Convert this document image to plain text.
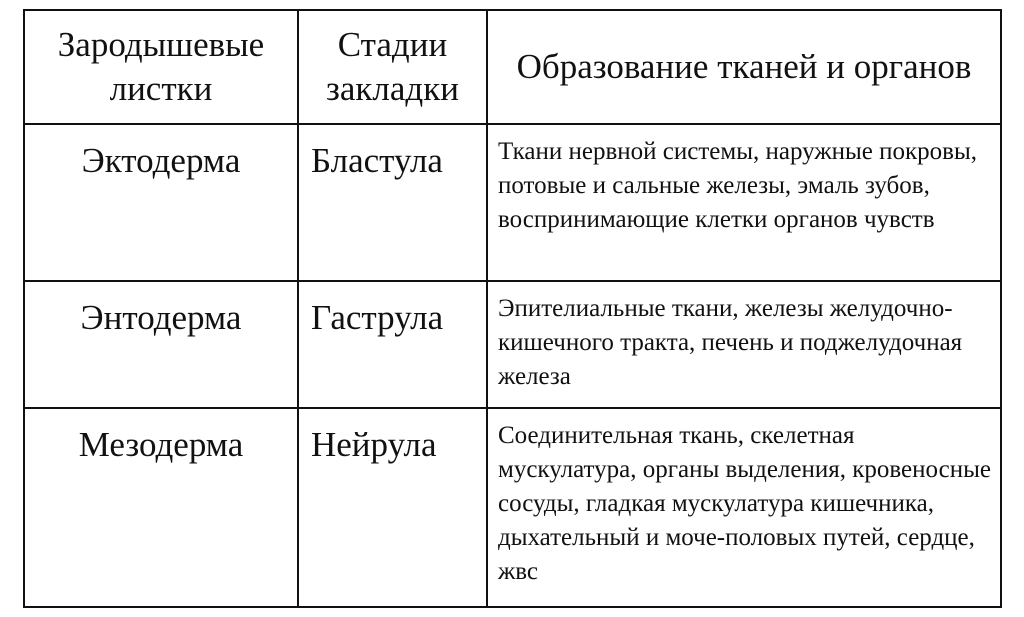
Зародышевые листки	Стадии закладки	Образование тканей и органов
Эктодерма	Бластула	Ткани нервной системы, наружные покровы, потовые и сальные железы, эмаль зубов, воспринимающие клетки органов чувств
Энтодерма	Гаструла	Эпителиальные ткани, железы желудочно-кишечного тракта, печень и поджелудочная железа
Мезодерма	Нейрула	Соединительная ткань, скелетная мускулатура, органы выделения, кровеносные сосуды, гладкая мускулатура кишечника, дыхательный и моче-половых путей, сердце, жвс
